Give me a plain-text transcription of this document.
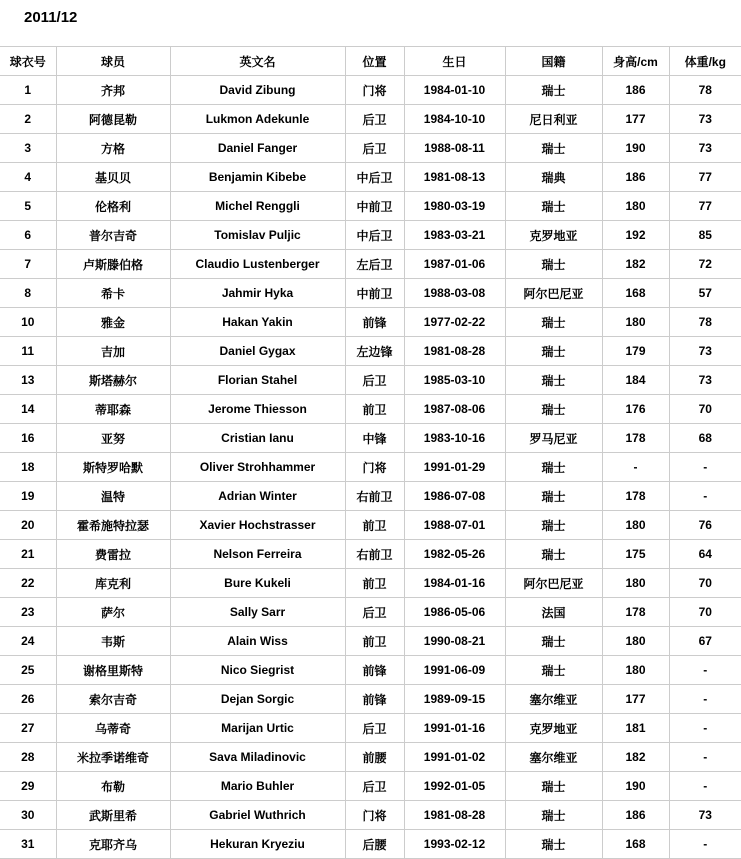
2011/12
球衣号	球员	英文名	位置	生日	国籍	身高/cm	体重/kg
1	齐邦	David Zibung	门将	1984-01-10	瑞士	186	78
2	阿德昆勒	Lukmon Adekunle	后卫	1984-10-10	尼日利亚	177	73
3	方格	Daniel Fanger	后卫	1988-08-11	瑞士	190	73
4	基贝贝	Benjamin Kibebe	中后卫	1981-08-13	瑞典	186	77
5	伦格利	Michel Renggli	中前卫	1980-03-19	瑞士	180	77
6	普尔吉奇	Tomislav Puljic	中后卫	1983-03-21	克罗地亚	192	85
7	卢斯滕伯格	Claudio Lustenberger	左后卫	1987-01-06	瑞士	182	72
8	希卡	Jahmir Hyka	中前卫	1988-03-08	阿尔巴尼亚	168	57
10	雅金	Hakan Yakin	前锋	1977-02-22	瑞士	180	78
11	吉加	Daniel Gygax	左边锋	1981-08-28	瑞士	179	73
13	斯塔赫尔	Florian Stahel	后卫	1985-03-10	瑞士	184	73
14	蒂耶森	Jerome Thiesson	前卫	1987-08-06	瑞士	176	70
16	亚努	Cristian Ianu	中锋	1983-10-16	罗马尼亚	178	68
18	斯特罗哈默	Oliver Strohhammer	门将	1991-01-29	瑞士	-	-
19	温特	Adrian Winter	右前卫	1986-07-08	瑞士	178	-
20	霍希施特拉瑟	Xavier Hochstrasser	前卫	1988-07-01	瑞士	180	76
21	费雷拉	Nelson Ferreira	右前卫	1982-05-26	瑞士	175	64
22	库克利	Bure Kukeli	前卫	1984-01-16	阿尔巴尼亚	180	70
23	萨尔	Sally Sarr	后卫	1986-05-06	法国	178	70
24	韦斯	Alain Wiss	前卫	1990-08-21	瑞士	180	67
25	谢格里斯特	Nico Siegrist	前锋	1991-06-09	瑞士	180	-
26	索尔吉奇	Dejan Sorgic	前锋	1989-09-15	塞尔维亚	177	-
27	乌蒂奇	Marijan Urtic	后卫	1991-01-16	克罗地亚	181	-
28	米拉季诺维奇	Sava Miladinovic	前腰	1991-01-02	塞尔维亚	182	-
29	布勒	Mario Buhler	后卫	1992-01-05	瑞士	190	-
30	武斯里希	Gabriel Wuthrich	门将	1981-08-28	瑞士	186	73
31	克耶齐乌	Hekuran Kryeziu	后腰	1993-02-12	瑞士	168	-
